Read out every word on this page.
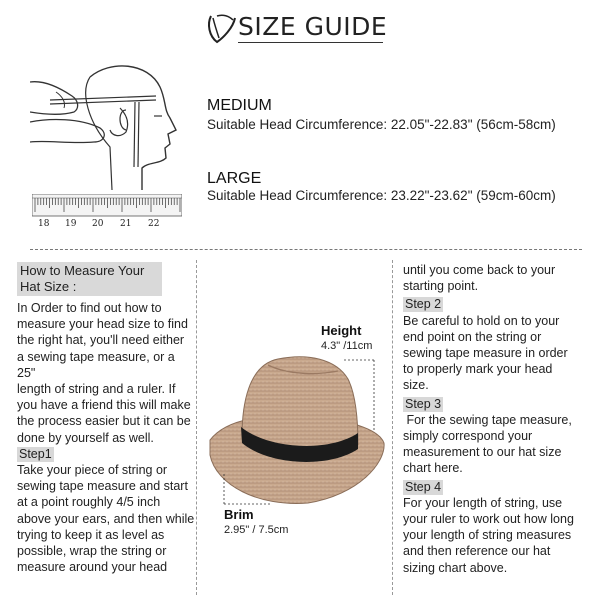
SIZE GUIDE
18 19 20 21 22
MEDIUM
Suitable Head Circumference: 22.05"-22.83" (56cm-58cm)
LARGE
Suitable Head Circumference: 23.22"-23.62" (59cm-60cm)
How to Measure Your Hat Size :
In Order to find out how to
measure your head size to find
the right hat, you'll need either
a sewing tape measure, or a 25"
length of string and a ruler. If
you have a friend this will make
the process easier but it can be
done by yourself as well.
Step1
Take your piece of string or
sewing tape measure and start
at a point roughly 4/5 inch
above your ears, and then while
trying to keep it as level as
possible, wrap the string or
measure around your head
Height
4.3" /11cm
Brim
2.95" / 7.5cm
until you come back to your
starting point.
Step 2
Be careful to hold on to your
end point on the string or
sewing tape measure in order
to properly mark your head
size.
Step 3
For the sewing tape measure,
simply correspond your
measurement to our hat size
chart here.
Step 4
For your length of string, use
your ruler to work out how long
your length of string measures
and then reference our hat
sizing chart above.
